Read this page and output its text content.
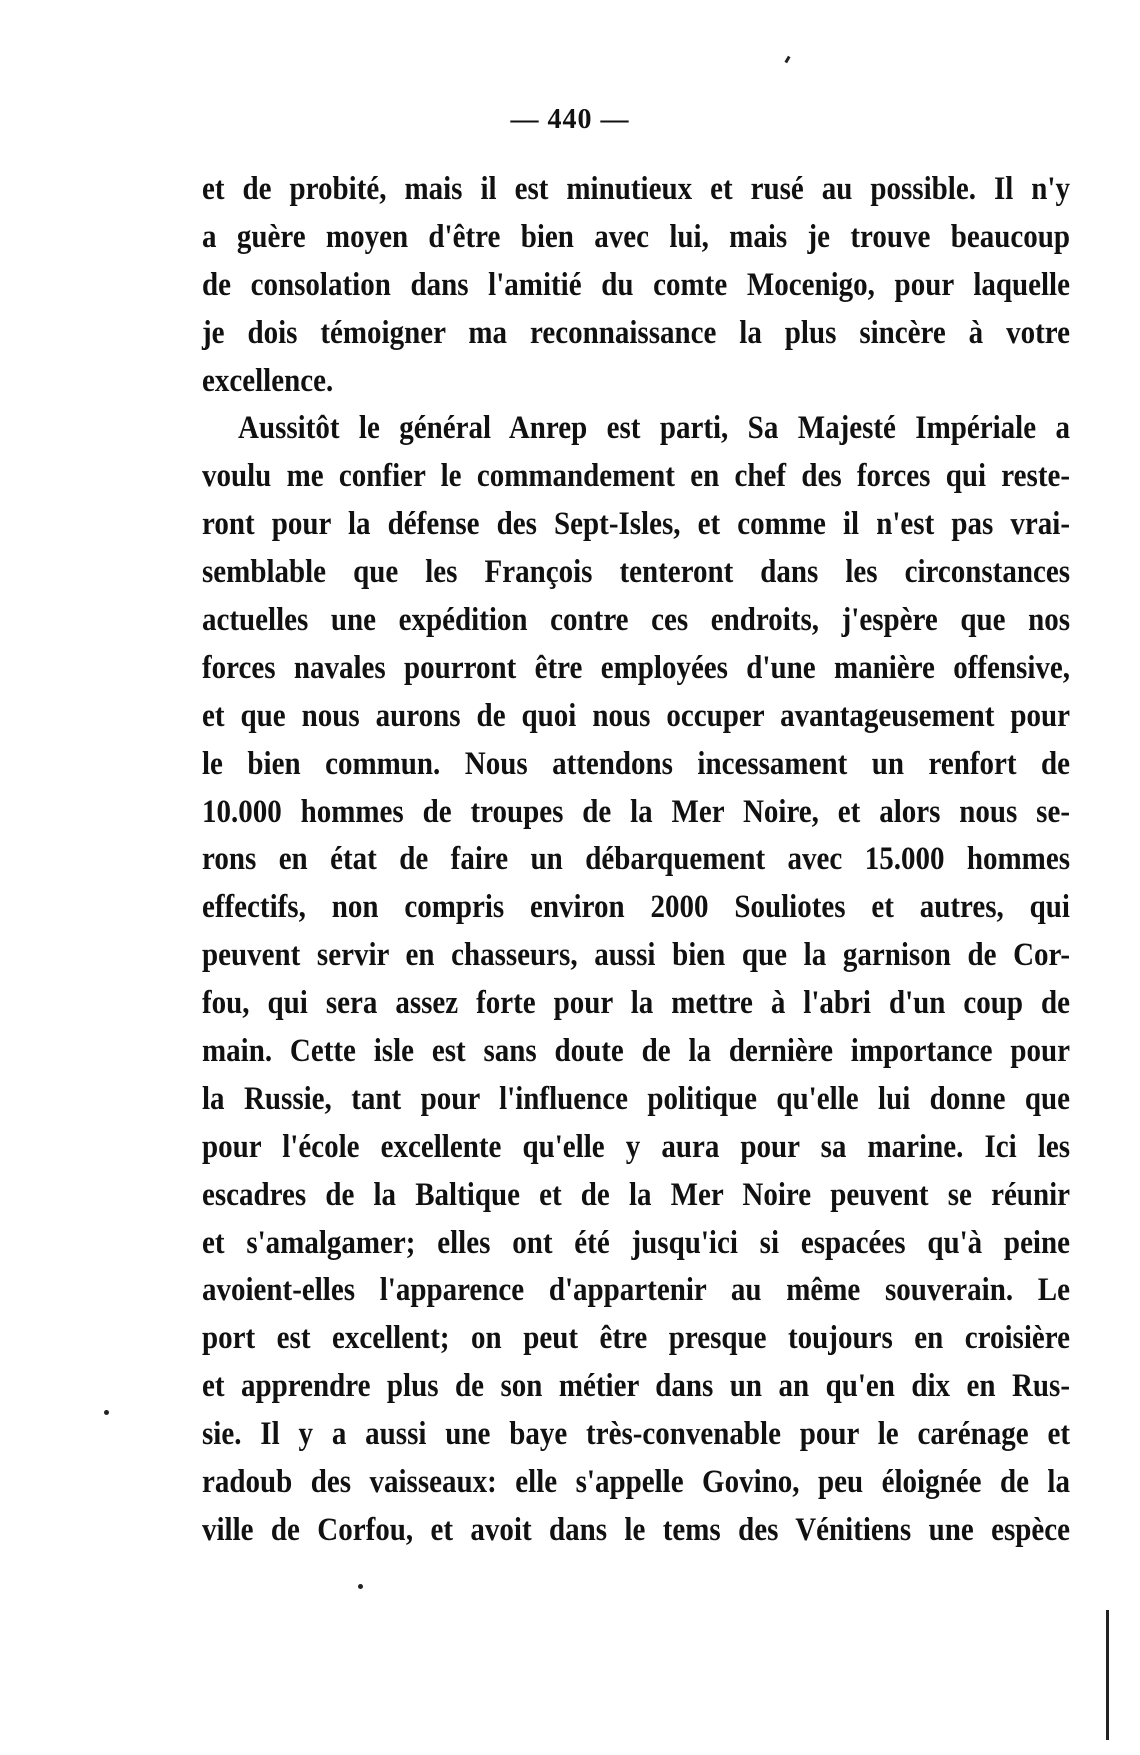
— 440 —
et de probité, mais il est minutieux et rusé au possible. Il n'y
a guère moyen d'être bien avec lui, mais je trouve beaucoup
de consolation dans l'amitié du comte Mocenigo, pour laquelle
je dois témoigner ma reconnaissance la plus sincère à votre
excellence.
Aussitôt le général Anrep est parti, Sa Majesté Impériale a
voulu me confier le commandement en chef des forces qui reste-
ront pour la défense des Sept-Isles, et comme il n'est pas vrai-
semblable que les François tenteront dans les circonstances
actuelles une expédition contre ces endroits, j'espère que nos
forces navales pourront être employées d'une manière offensive,
et que nous aurons de quoi nous occuper avantageusement pour
le bien commun. Nous attendons incessament un renfort de
10.000 hommes de troupes de la Mer Noire, et alors nous se-
rons en état de faire un débarquement avec 15.000 hommes
effectifs, non compris environ 2000 Souliotes et autres, qui
peuvent servir en chasseurs, aussi bien que la garnison de Cor-
fou, qui sera assez forte pour la mettre à l'abri d'un coup de
main. Cette isle est sans doute de la dernière importance pour
la Russie, tant pour l'influence politique qu'elle lui donne que
pour l'école excellente qu'elle y aura pour sa marine. Ici les
escadres de la Baltique et de la Mer Noire peuvent se réunir
et s'amalgamer; elles ont été jusqu'ici si espacées qu'à peine
avoient-elles l'apparence d'appartenir au même souverain. Le
port est excellent; on peut être presque toujours en croisière
et apprendre plus de son métier dans un an qu'en dix en Rus-
sie. Il y a aussi une baye très-convenable pour le carénage et
radoub des vaisseaux: elle s'appelle Govino, peu éloignée de la
ville de Corfou, et avoit dans le tems des Vénitiens une espèce
